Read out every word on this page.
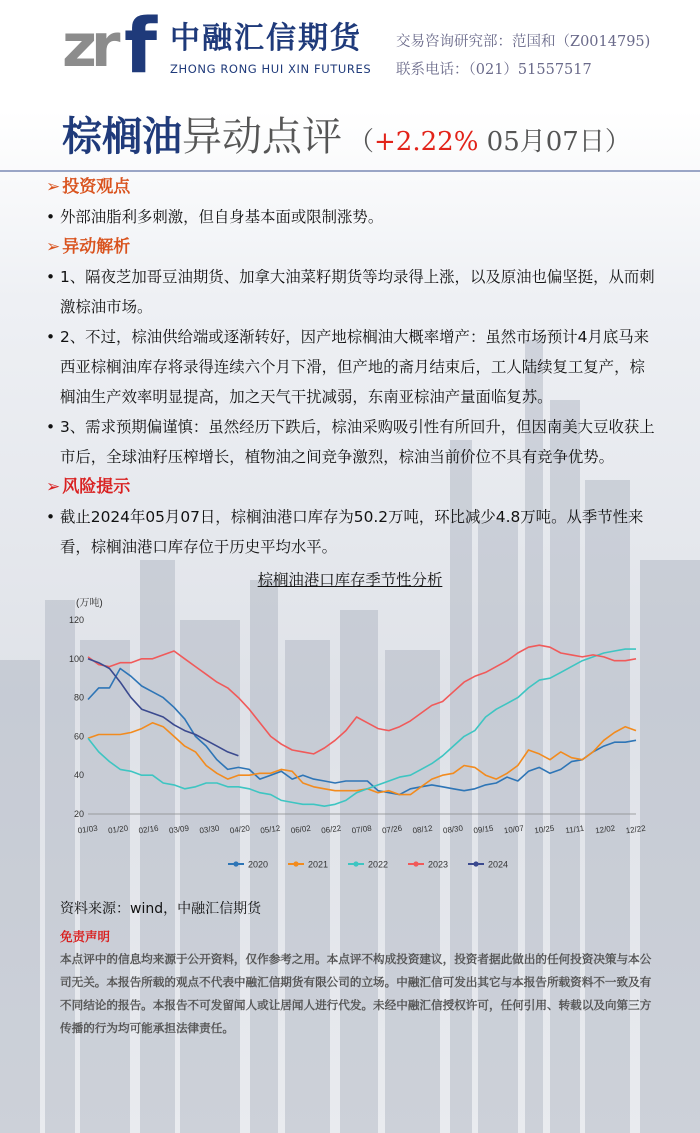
zr f 中融汇信期货
ZHONG RONG HUI XIN FUTURES
交易咨询研究部：范国和（Z0014795)
联系电话：（021）51557517
棕榈油异动点评 （+2.22% 05月07日）
➢ 投资观点
• 外部油脂利多刺激，但自身基本面或限制涨势。
➢ 异动解析
• 1、隔夜芝加哥豆油期货、加拿大油菜籽期货等均录得上涨，以及原油也偏坚挺，从而刺激棕油市场。
• 2、不过，棕油供给端或逐渐转好，因产地棕榈油大概率增产：虽然市场预计4月底马来西亚棕榈油库存将录得连续六个月下滑，但产地的斋月结束后，工人陆续复工复产，棕榈油生产效率明显提高，加之天气干扰减弱，东南亚棕油产量面临复苏。
• 3、需求预期偏谨慎：虽然经历下跌后，棕油采购吸引性有所回升，但因南美大豆收获上市后，全球油籽压榨增长，植物油之间竞争激烈，棕油当前价位不具有竞争优势。
➢ 风险提示
• 截止2024年05月07日，棕榈油港口库存为50.2万吨，环比减少4.8万吨。从季节性来看，棕榈油港口库存位于历史平均水平。
棕榈油港口库存季节性分析
(万吨)
20
40
60
80
100
120
01/03 01/20 02/16 03/09 03/30 04/20 05/12 06/02 06/22 07/08 07/26 08/12 08/30 09/15 10/07 10/25 11/11 12/02 12/22
2020	2021	2022	2023	2024
资料来源：wind，中融汇信期货
免责声明
本点评中的信息均来源于公开资料，仅作参考之用。本点评不构成投资建议，投资者据此做出的任何投资决策与本公司无关。本报告所载的观点不代表中融汇信期货有限公司的立场。中融汇信可发出其它与本报告所载资料不一致及有不同结论的报告。本报告不可发留闻人或让居闻人进行代发。未经中融汇信授权许可，任何引用、转载以及向第三方传播的行为均可能承担法律责任。
